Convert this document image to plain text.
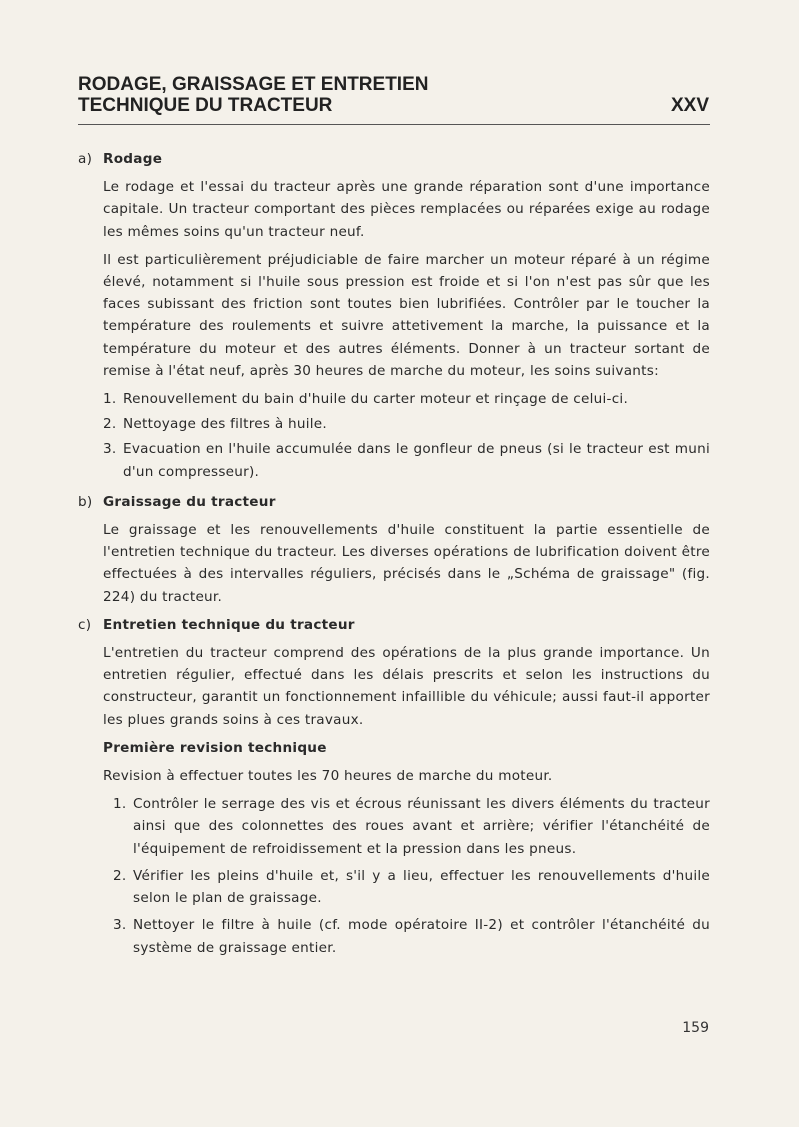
RODAGE, GRAISSAGE ET ENTRETIEN
TECHNIQUE DU TRACTEUR	XXV
a) Rodage

Le rodage et l'essai du tracteur après une grande réparation sont d'une importance capitale. Un tracteur comportant des pièces remplacées ou réparées exige au rodage les mêmes soins qu'un tracteur neuf.

Il est particulièrement préjudiciable de faire marcher un moteur réparé à un régime élevé, notamment si l'huile sous pression est froide et si l'on n'est pas sûr que les faces subissant des friction sont toutes bien lubrifiées. Contrôler par le toucher la température des roulements et suivre attetivement la marche, la puissance et la température du moteur et des autres éléments. Donner à un tracteur sortant de remise à l'état neuf, après 30 heures de marche du moteur, les soins suivants:

1. Renouvellement du bain d'huile du carter moteur et rinçage de celui-ci.
2. Nettoyage des filtres à huile.
3. Evacuation en l'huile accumulée dans le gonfleur de pneus (si le tracteur est muni d'un compresseur).
b) Graissage du tracteur

Le graissage et les renouvellements d'huile constituent la partie essentielle de l'entretien technique du tracteur. Les diverses opérations de lubrification doivent être effectuées à des intervalles réguliers, précisés dans le „Schéma de graissage" (fig. 224) du tracteur.

c) Entretien technique du tracteur

L'entretien du tracteur comprend des opérations de la plus grande importance. Un entretien régulier, effectué dans les délais prescrits et selon les instructions du constructeur, garantit un fonctionnement infaillible du véhicule; aussi faut-il apporter les plues grands soins à ces travaux.

Première revision technique

Revision à effectuer toutes les 70 heures de marche du moteur.

1. Contrôler le serrage des vis et écrous réunissant les divers éléments du tracteur ainsi que des colonnettes des roues avant et arrière; vérifier l'étanchéité de l'équipement de refroidissement et la pression dans les pneus.
2. Vérifier les pleins d'huile et, s'il y a lieu, effectuer les renouvellements d'huile selon le plan de graissage.
3. Nettoyer le filtre à huile (cf. mode opératoire II-2) et contrôler l'étanchéité du système de graissage entier.
159
